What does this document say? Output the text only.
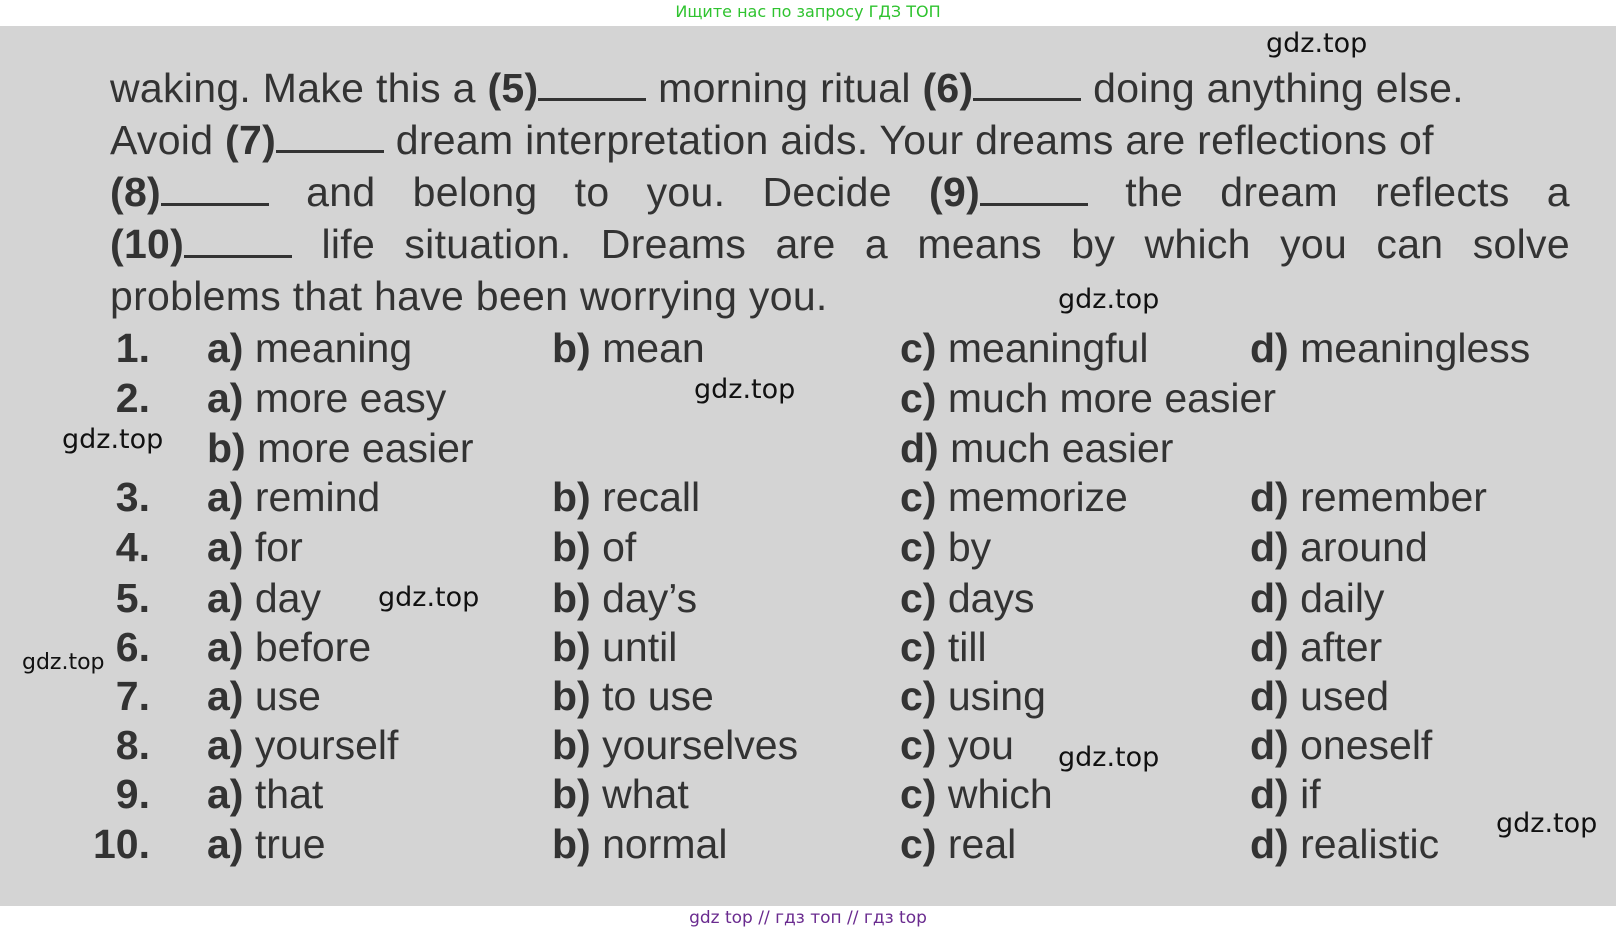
Ищите нас по запросу ГДЗ ТОП
waking. Make this a (5)	morning ritual (6)	doing anything else.
Avoid (7)	dream interpretation aids. Your dreams are reflections of
(8)	and belong to you. Decide (9)	the dream reflects a
(10)	life situation. Dreams are a means by which you can solve
problems that have been worrying you.
1. a) meaning	b) mean	c) meaningful d) meaningless
2. a) more easy
b) more easier
c) much more easier
d) much easier
3. a) remind	b) recall	c) memorize	d) remember
4. a) for	b) of	c) by	d) around
5. a) day	b) day’s	c) days	d) daily
6. a) before	b) until	c) till	d) after
7. a) use	b) to use	c) using	d) used
8. a) yourself	b) yourselves c) you	d) oneself
9. a) that	b) what	c) which	d) if
10. a) true	b) normal	c) real	d) realistic
gdz.top
gdz.top
gdz.top
gdz.top
gdz.top
gdz.top
gdz.top
gdz.top
gdz top // гдз топ // гдз top
